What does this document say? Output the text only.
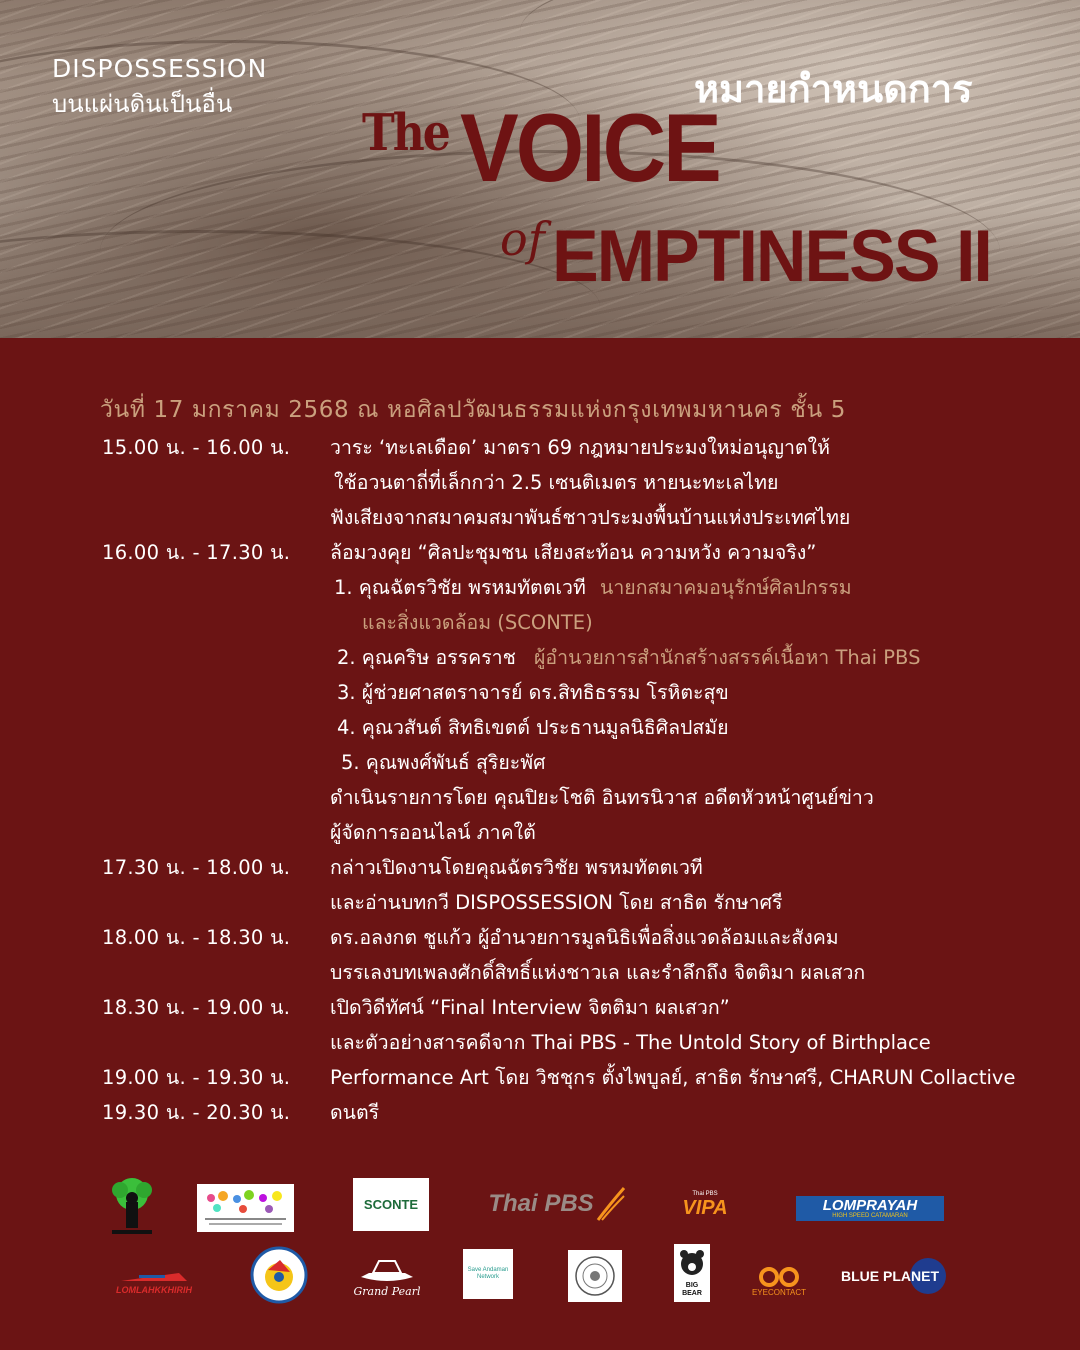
DISPOSSESSION
บนแผ่นดินเป็นอื่น	หมายกำหนดการ
The VOICE
of EMPTINESS II
วันที่ 17 มกราคม 2568 ณ หอศิลปวัฒนธรรมแห่งกรุงเทพมหานคร ชั้น 5
15.00 น. - 16.00 น. วาระ ‘ทะเลเดือด’ มาตรา 69 กฎหมายประมงใหม่อนุญาตให้
ใช้อวนตาถี่ที่เล็กกว่า 2.5 เซนติเมตร หายนะทะเลไทย
ฟังเสียงจากสมาคมสมาพันธ์ชาวประมงพื้นบ้านแห่งประเทศไทย
16.00 น. - 17.30 น. ล้อมวงคุย “ศิลปะชุมชน เสียงสะท้อน ความหวัง ความจริง”
1. คุณฉัตรวิชัย พรหมทัตตเวที นายกสมาคมอนุรักษ์ศิลปกรรม
และสิ่งแวดล้อม (SCONTE)
2. คุณคริษ อรรคราช ผู้อำนวยการสำนักสร้างสรรค์เนื้อหา Thai PBS
3. ผู้ช่วยศาสตราจารย์ ดร.สิทธิธรรม โรหิตะสุข
4. คุณวสันต์ สิทธิเขตต์ ประธานมูลนิธิศิลปสมัย
5. คุณพงศ์พันธ์ สุริยะพัศ
ดำเนินรายการโดย คุณปิยะโชติ อินทรนิวาส อดีตหัวหน้าศูนย์ข่าว
ผู้จัดการออนไลน์ ภาคใต้
17.30 น. - 18.00 น. กล่าวเปิดงานโดยคุณฉัตรวิชัย พรหมทัตตเวที
และอ่านบทกวี DISPOSSESSION โดย สาธิต รักษาศรี
18.00 น. - 18.30 น. ดร.อลงกต ชูแก้ว ผู้อำนวยการมูลนิธิเพื่อสิ่งแวดล้อมและสังคม
บรรเลงบทเพลงศักดิ์สิทธิ์แห่งชาวเล และรำลึกถึง จิตติมา ผลเสวก
18.30 น. - 19.00 น. เปิดวิดีทัศน์ “Final Interview จิตติมา ผลเสวก”
และตัวอย่างสารคดีจาก Thai PBS - The Untold Story of Birthplace
19.00 น. - 19.30 น. Performance Art โดย วิชชุกร ตั้งไพบูลย์, สาธิต รักษาศรี, CHARUN Collactive
19.30 น. - 20.30 น. ดนตรี
SCONTE	Thai PBS	Thai PBS
VIPA	LOMPRAYAH
HIGH SPEED CATAMARAN
LOMLAHKKHIRIH	Grand Pearl
Save Andaman Network
BIG BEAR	EYECONTACT
BLUE PLANET
